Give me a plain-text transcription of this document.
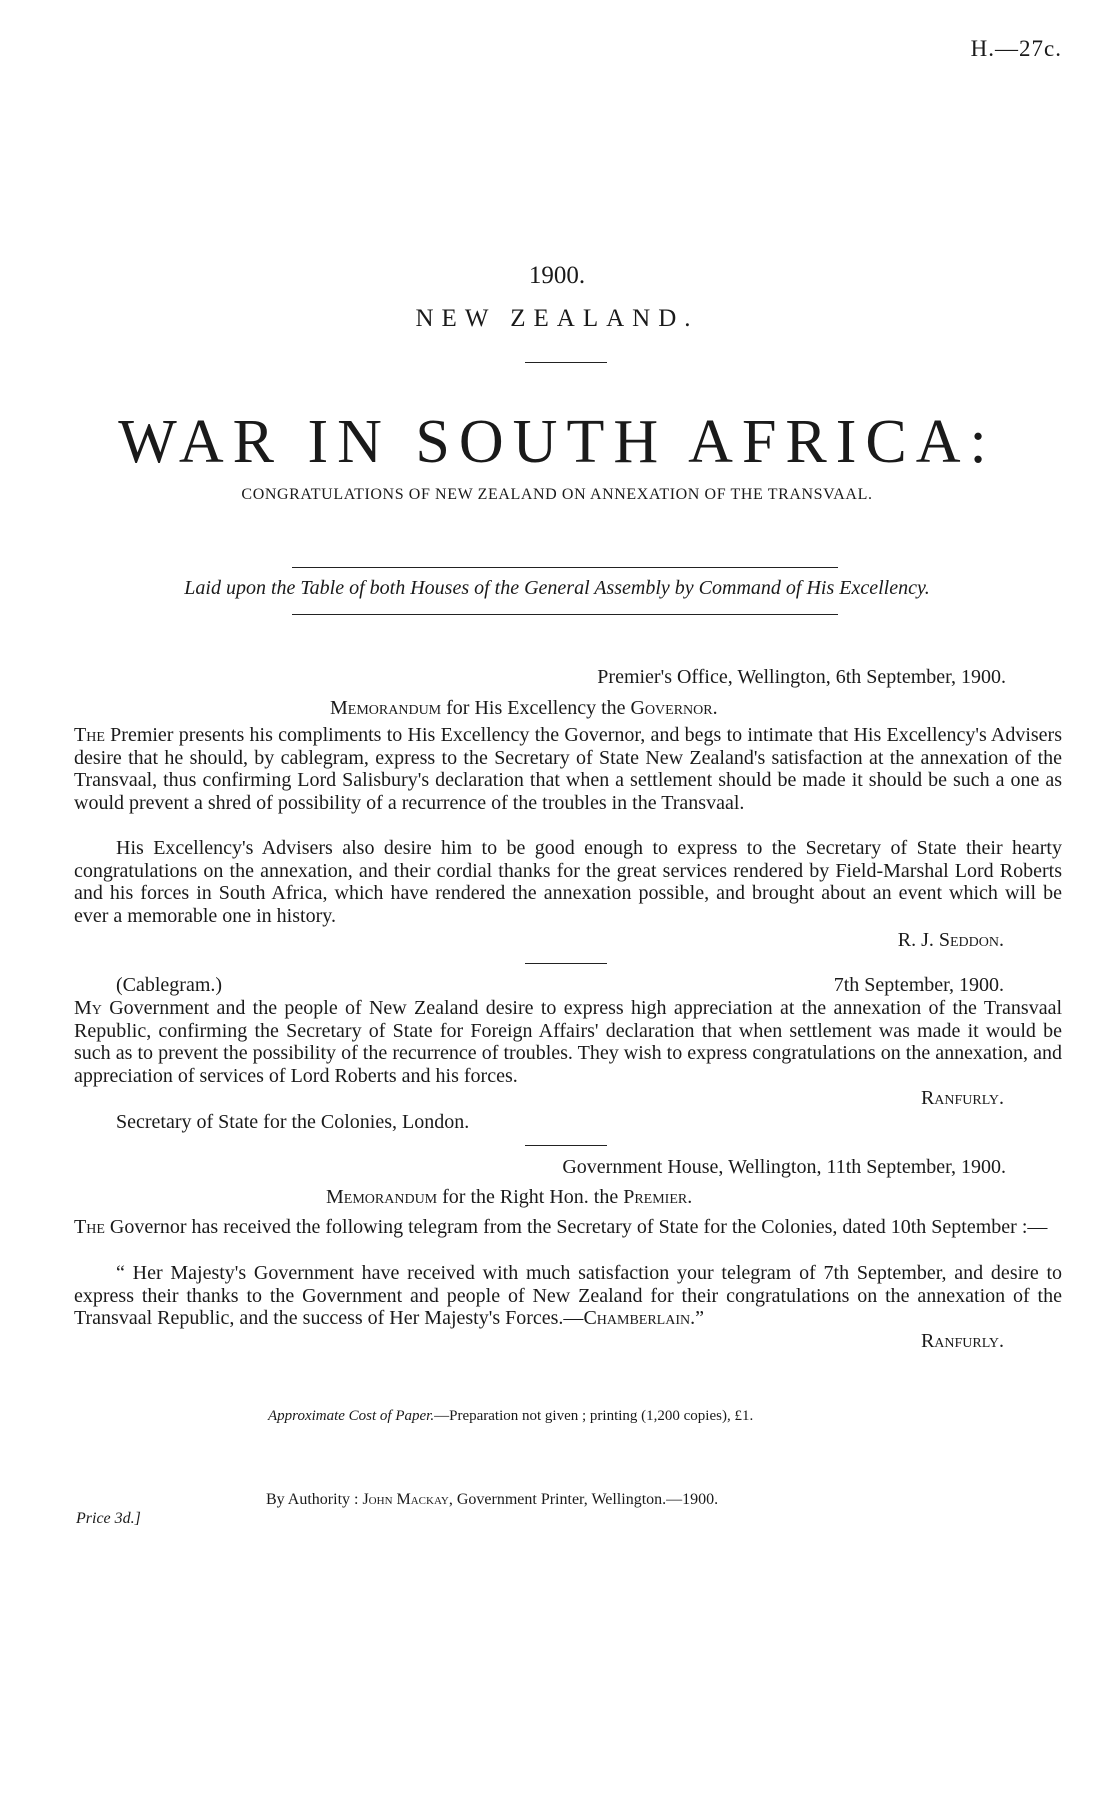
H.—27c.
1900.
NEW ZEALAND.
WAR IN SOUTH AFRICA:
CONGRATULATIONS OF NEW ZEALAND ON ANNEXATION OF THE TRANSVAAL.
Laid upon the Table of both Houses of the General Assembly by Command of His Excellency.
Premier's Office, Wellington, 6th September, 1900.
Memorandum for His Excellency the Governor.
The Premier presents his compliments to His Excellency the Governor, and begs to intimate that His Excellency's Advisers desire that he should, by cablegram, express to the Secretary of State New Zealand's satisfaction at the annexation of the Transvaal, thus confirming Lord Salisbury's declaration that when a settlement should be made it should be such a one as would prevent a shred of possibility of a recurrence of the troubles in the Transvaal.
His Excellency's Advisers also desire him to be good enough to express to the Secretary of State their hearty congratulations on the annexation, and their cordial thanks for the great services rendered by Field-Marshal Lord Roberts and his forces in South Africa, which have rendered the annexation possible, and brought about an event which will be ever a memorable one in history.
R. J. Seddon.
(Cablegram.)	7th September, 1900.
My Government and the people of New Zealand desire to express high appreciation at the annexation of the Transvaal Republic, confirming the Secretary of State for Foreign Affairs' declaration that when settlement was made it would be such as to prevent the possibility of the recurrence of troubles. They wish to express congratulations on the annexation, and appreciation of services of Lord Roberts and his forces.
Ranfurly.
Secretary of State for the Colonies, London.
Government House, Wellington, 11th September, 1900.
Memorandum for the Right Hon. the Premier.
The Governor has received the following telegram from the Secretary of State for the Colonies, dated 10th September :—
“ Her Majesty's Government have received with much satisfaction your telegram of 7th September, and desire to express their thanks to the Government and people of New Zealand for their congratulations on the annexation of the Transvaal Republic, and the success of Her Majesty's Forces.—Chamberlain.”
Ranfurly.
Approximate Cost of Paper.—Preparation not given ; printing (1,200 copies), £1.
By Authority : John Mackay, Government Printer, Wellington.—1900.
Price 3d.]
